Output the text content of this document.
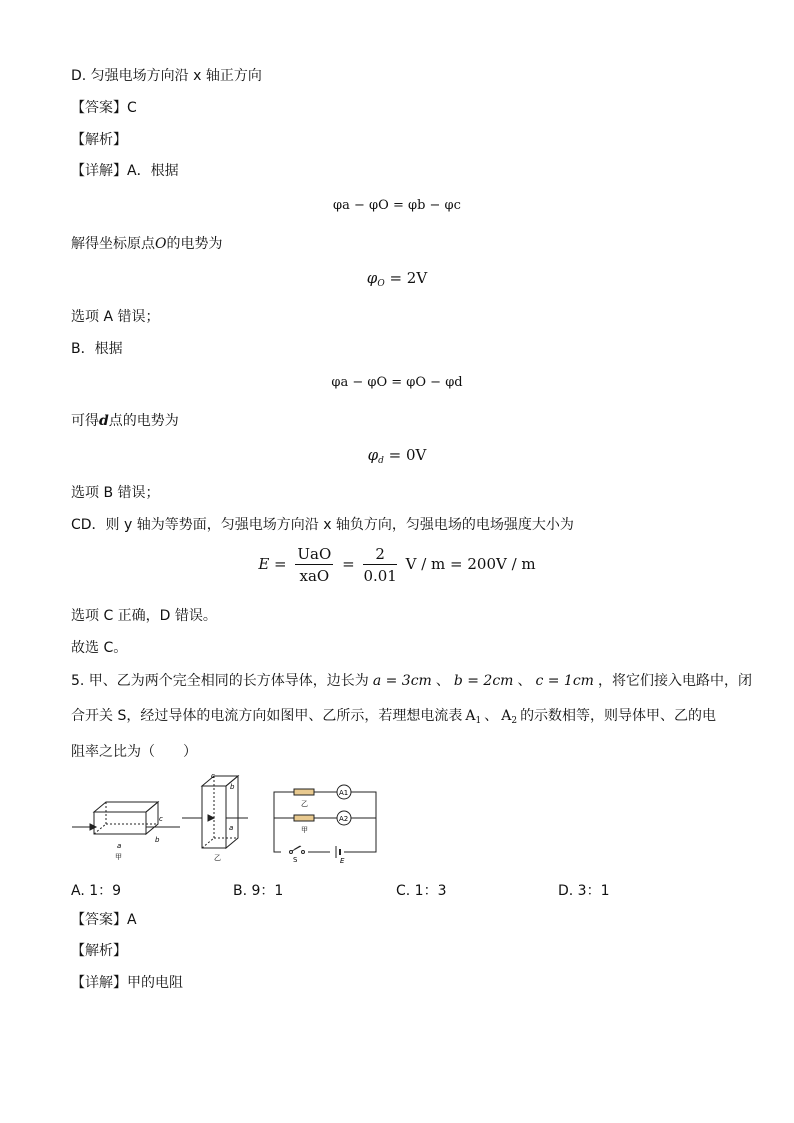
D. 匀强电场方向沿 x 轴正方向
【答案】C
【解析】
【详解】A．根据
φa − φO = φb − φc
解得坐标原点O的电势为
$\varphi_O = 2V$
选项 A 错误；
B．根据
φa − φO = φO − φd
可得d点的电势为
$\varphi_d = 0V$
选项 B 错误；
CD．则 y 轴为等势面，匀强电场方向沿 x 轴负方向，匀强电场的电场强度大小为
$E = \frac{\text{UaO}}{\text{xaO}} = \frac{2}{0.01}$ V / m = 200V / m
选项 C 正确，D 错误。
故选 C。
5. 甲、乙为两个完全相同的长方体导体，边长为 a = 3cm 、 b = 2cm 、 c = 1cm ，将它们接入电路中，闭
合开关 S，经过导体的电流方向如图甲、乙所示，若理想电流表 $A_1$ 、 $A_2$ 的示数相等，则导体甲、乙的电
阻率之比为（　　）
c
b
a
甲
c
b
a
乙
A1
A2
乙
甲
S	E
A. 1：9	B. 9：1	C. 1：3	D. 3：1
【答案】A
【解析】
【详解】甲的电阻
